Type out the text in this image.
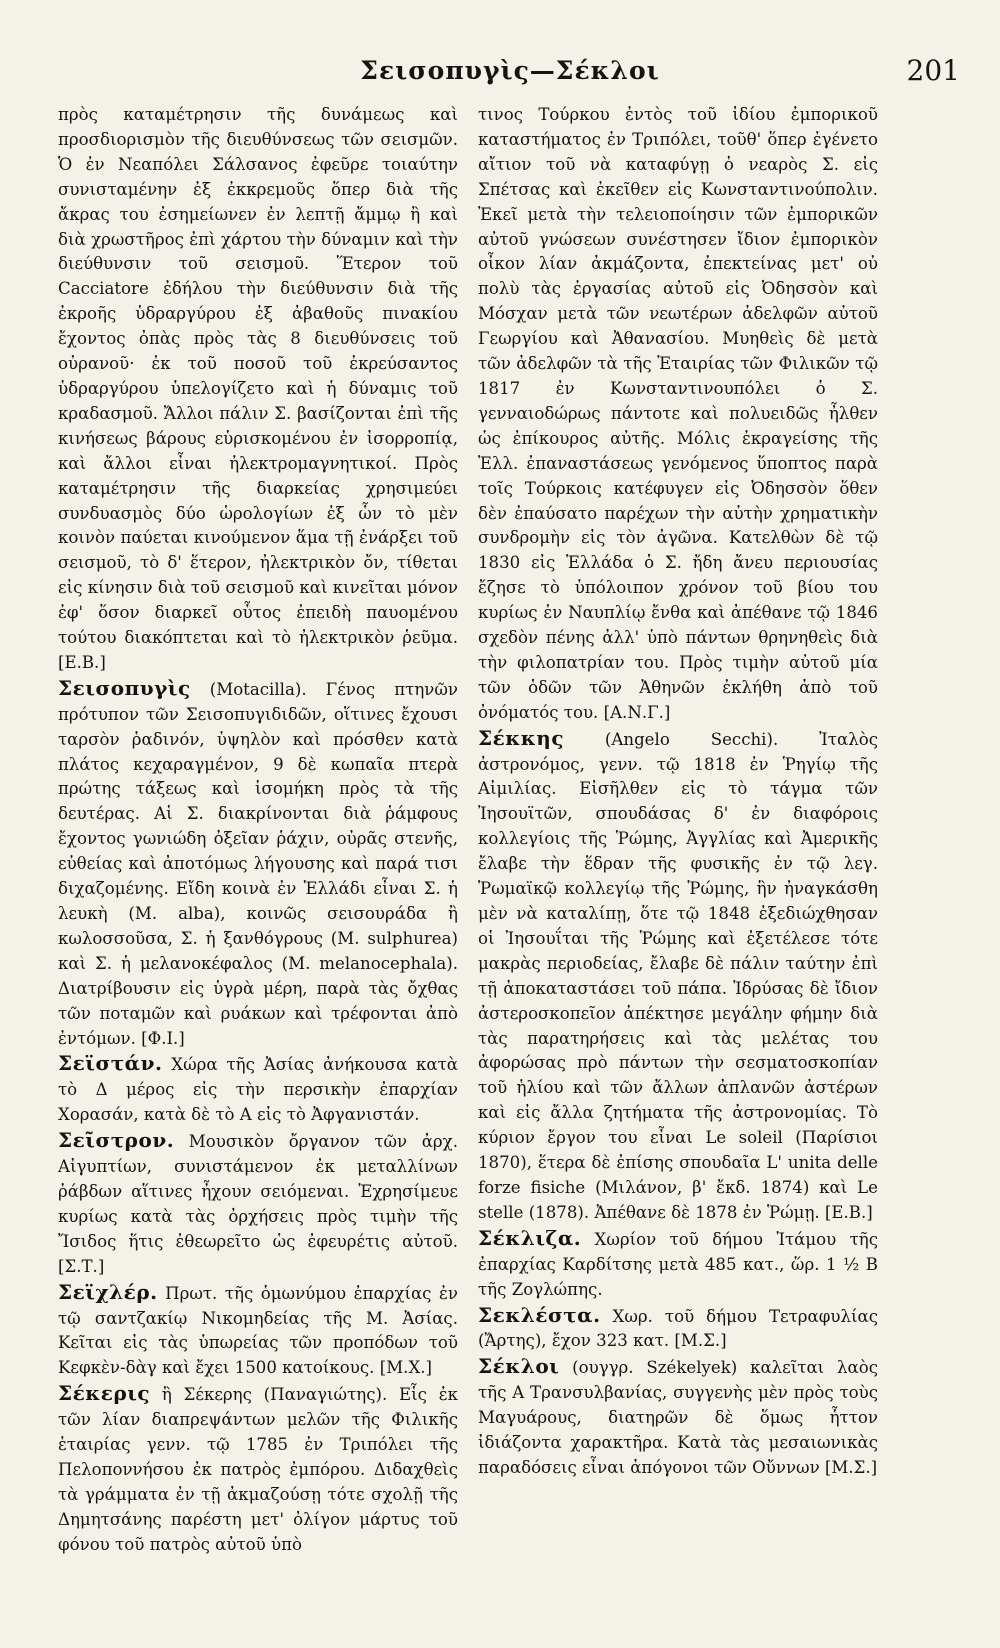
Σεισοπυγὶς—Σέκλοι	201

πρὸς καταμέτρησιν τῆς δυνάμεως καὶ προσδιορισμὸν τῆς διευθύνσεως τῶν σεισμῶν. Ὁ ἐν Νεαπόλει Σάλσανος ἐφεῦρε τοιαύτην συνισταμένην ἐξ ἐκκρεμοῦς ὅπερ διὰ τῆς ἄκρας του ἐσημείωνεν ἐν λεπτῇ ἄμμῳ ἢ καὶ διὰ χρωστῆρος ἐπὶ χάρτου τὴν δύναμιν καὶ τὴν διεύθυνσιν τοῦ σεισμοῦ. Ἕτερον τοῦ Cacciatore ἐδήλου τὴν διεύθυνσιν διὰ τῆς ἐκροῆς ὑδραργύρου ἐξ ἀβαθοῦς πινακίου ἔχοντος ὀπὰς πρὸς τὰς 8 διευθύνσεις τοῦ οὐρανοῦ· ἐκ τοῦ ποσοῦ τοῦ ἐκρεύσαντος ὑδραργύρου ὑπελογίζετο καὶ ἡ δύναμις τοῦ κραδασμοῦ. Ἄλλοι πάλιν Σ. βασίζονται ἐπὶ τῆς κινήσεως βάρους εὑρισκομένου ἐν ἰσορροπίᾳ, καὶ ἄλλοι εἶναι ἠλεκτρομαγνητικοί. Πρὸς καταμέτρησιν τῆς διαρκείας χρησιμεύει συνδυασμὸς δύο ὡρολογίων ἐξ ὧν τὸ μὲν κοινὸν παύεται κινούμενον ἅμα τῇ ἐνάρξει τοῦ σεισμοῦ, τὸ δ' ἕτερον, ἠλεκτρικὸν ὄν, τίθεται εἰς κίνησιν διὰ τοῦ σεισμοῦ καὶ κινεῖται μόνον ἐφ' ὅσον διαρκεῖ οὗτος ἐπειδὴ παυομένου τούτου διακόπτεται καὶ τὸ ἠλεκτρικὸν ῥεῦμα. [Ε.Β.]

Σεισοπυγὶς (Motacilla). Γένος πτηνῶν πρότυπον τῶν Σεισοπυγιδιδῶν, οἵτινες ἔχουσι ταρσὸν ῥαδινόν, ὑψηλὸν καὶ πρόσθεν κατὰ πλάτος κεχαραγμένον, 9 δὲ κωπαῖα πτερὰ πρώτης τάξεως καὶ ἰσομήκη πρὸς τὰ τῆς δευτέρας. Αἱ Σ. διακρίνονται διὰ ῥάμφους ἔχοντος γωνιώδη ὀξεῖαν ῥάχιν, οὐρᾶς στενῆς, εὐθείας καὶ ἀποτόμως λήγουσης καὶ παρά τισι διχαζομένης. Εἴδη κοινὰ ἐν Ἑλλάδι εἶναι Σ. ἡ λευκὴ (M. alba), κοινῶς σεισουράδα ἢ κωλοσσοῦσα, Σ. ἡ ξανθόγρους (M. sulphurea) καὶ Σ. ἡ μελανοκέφαλος (M. melanocephala). Διατρίβουσιν εἰς ὑγρὰ μέρη, παρὰ τὰς ὄχθας τῶν ποταμῶν καὶ ρυάκων καὶ τρέφονται ἀπὸ ἐντόμων. [Φ.Ι.]

Σεϊστάν. Χώρα τῆς Ἀσίας ἀνήκουσα κατὰ τὸ Δ μέρος εἰς τὴν περσικὴν ἐπαρχίαν Χορασάν, κατὰ δὲ τὸ Α εἰς τὸ Ἀφγανιστάν.

Σεῖστρον. Μουσικὸν ὄργανον τῶν ἀρχ. Αἰγυπτίων, συνιστάμενον ἐκ μεταλλίνων ῥάβδων αἵτινες ἦχουν σειόμεναι. Ἐχρησίμευε κυρίως κατὰ τὰς ὀρχήσεις πρὸς τιμὴν τῆς Ἴσιδος ἥτις ἐθεωρεῖτο ὡς ἐφευρέτις αὐτοῦ. [Σ.Τ.]

Σεϊχλέρ. Πρωτ. τῆς ὁμωνύμου ἐπαρχίας ἐν τῷ σαντζακίῳ Νικομηδείας τῆς Μ. Ἀσίας. Κεῖται εἰς τὰς ὑπωρείας τῶν προπόδων τοῦ Κεφκὲν-δὰγ καὶ ἔχει 1500 κατοίκους. [Μ.Χ.]

Σέκερις ἢ Σέκερης (Παναγιώτης). Εἷς ἐκ τῶν λίαν διαπρεψάντων μελῶν τῆς Φιλικῆς ἑταιρίας γενν. τῷ 1785 ἐν Τριπόλει τῆς Πελοποννήσου ἐκ πατρὸς ἐμπόρου. Διδαχθεὶς τὰ γράμματα ἐν τῇ ἀκμαζούσῃ τότε σχολῇ τῆς Δημητσάνης παρέστη μετ' ὀλίγον μάρτυς τοῦ φόνου τοῦ πατρὸς αὐτοῦ ὑπὸ

τινος Τούρκου ἐντὸς τοῦ ἰδίου ἐμπορικοῦ καταστήματος ἐν Τριπόλει, τοῦθ' ὅπερ ἐγένετο αἴτιον τοῦ νὰ καταφύγῃ ὁ νεαρὸς Σ. εἰς Σπέτσας καὶ ἐκεῖθεν εἰς Κωνσταντινούπολιν. Ἐκεῖ μετὰ τὴν τελειοποίησιν τῶν ἐμπορικῶν αὐτοῦ γνώσεων συνέστησεν ἴδιον ἐμπορικὸν οἶκον λίαν ἀκμάζοντα, ἐπεκτείνας μετ' οὐ πολὺ τὰς ἐργασίας αὐτοῦ εἰς Ὀδησσὸν καὶ Μόσχαν μετὰ τῶν νεωτέρων ἀδελφῶν αὐτοῦ Γεωργίου καὶ Ἀθανασίου. Μυηθεὶς δὲ μετὰ τῶν ἀδελφῶν τὰ τῆς Ἑταιρίας τῶν Φιλικῶν τῷ 1817 ἐν Κωνσταντινουπόλει ὁ Σ. γενναιοδώρως πάντοτε καὶ πολυειδῶς ἦλθεν ὡς ἐπίκουρος αὐτῆς. Μόλις ἐκραγείσης τῆς Ἑλλ. ἐπαναστάσεως γενόμενος ὕποπτος παρὰ τοῖς Τούρκοις κατέφυγεν εἰς Ὀδησσὸν ὅθεν δὲν ἐπαύσατο παρέχων τὴν αὐτὴν χρηματικὴν συνδρομὴν εἰς τὸν ἀγῶνα. Κατελθὼν δὲ τῷ 1830 εἰς Ἑλλάδα ὁ Σ. ἤδη ἄνευ περιουσίας ἔζησε τὸ ὑπόλοιπον χρόνον τοῦ βίου του κυρίως ἐν Ναυπλίῳ ἔνθα καὶ ἀπέθανε τῷ 1846 σχεδὸν πένης ἀλλ' ὑπὸ πάντων θρηνηθεὶς διὰ τὴν φιλοπατρίαν του. Πρὸς τιμὴν αὐτοῦ μία τῶν ὁδῶν τῶν Ἀθηνῶν ἐκλήθη ἀπὸ τοῦ ὀνόματός του. [Α.Ν.Γ.]

Σέκκης (Angelo Secchi). Ἰταλὸς ἀστρονόμος, γενν. τῷ 1818 ἐν Ῥηγίῳ τῆς Αἰμιλίας. Εἰσῆλθεν εἰς τὸ τάγμα τῶν Ἰησουϊτῶν, σπουδάσας δ' ἐν διαφόροις κολλεγίοις τῆς Ῥώμης, Ἀγγλίας καὶ Ἀμερικῆς ἔλαβε τὴν ἕδραν τῆς φυσικῆς ἐν τῷ λεγ. Ῥωμαϊκῷ κολλεγίῳ τῆς Ῥώμης, ἣν ἠναγκάσθη μὲν νὰ καταλίπῃ, ὅτε τῷ 1848 ἐξεδιώχθησαν οἱ Ἰησουΐται τῆς Ῥώμης καὶ ἐξετέλεσε τότε μακρὰς περιοδείας, ἔλαβε δὲ πάλιν ταύτην ἐπὶ τῇ ἀποκαταστάσει τοῦ πάπα. Ἱδρύσας δὲ ἴδιον ἀστεροσκοπεῖον ἀπέκτησε μεγάλην φήμην διὰ τὰς παρατηρήσεις καὶ τὰς μελέτας του ἀφορώσας πρὸ πάντων τὴν σεσματοσκοπίαν τοῦ ἡλίου καὶ τῶν ἄλλων ἀπλανῶν ἀστέρων καὶ εἰς ἄλλα ζητήματα τῆς ἀστρονομίας. Τὸ κύριον ἔργον του εἶναι Le soleil (Παρίσιοι 1870), ἕτερα δὲ ἐπίσης σπουδαῖα L' unita delle forze fisiche (Μιλάνον, β' ἔκδ. 1874) καὶ Le stelle (1878). Ἀπέθανε δὲ 1878 ἐν Ῥώμῃ. [Ε.Β.]

Σέκλιζα. Χωρίον τοῦ δήμου Ἰτάμου τῆς ἐπαρχίας Καρδίτσης μετὰ 485 κατ., ὥρ. 1 ½ Β τῆς Ζογλώπης.

Σεκλέστα. Χωρ. τοῦ δήμου Τετραφυλίας (Ἄρτης), ἔχον 323 κατ. [Μ.Σ.]

Σέκλοι (ουγγρ. Székelyek) καλεῖται λαὸς τῆς Α Τρανσυλβανίας, συγγενὴς μὲν πρὸς τοὺς Μαγυάρους, διατηρῶν δὲ ὅμως ἧττον ἰδιάζοντα χαρακτῆρα. Κατὰ τὰς μεσαιωνικὰς παραδόσεις εἶναι ἀπόγονοι τῶν Οὔννων [Μ.Σ.]
